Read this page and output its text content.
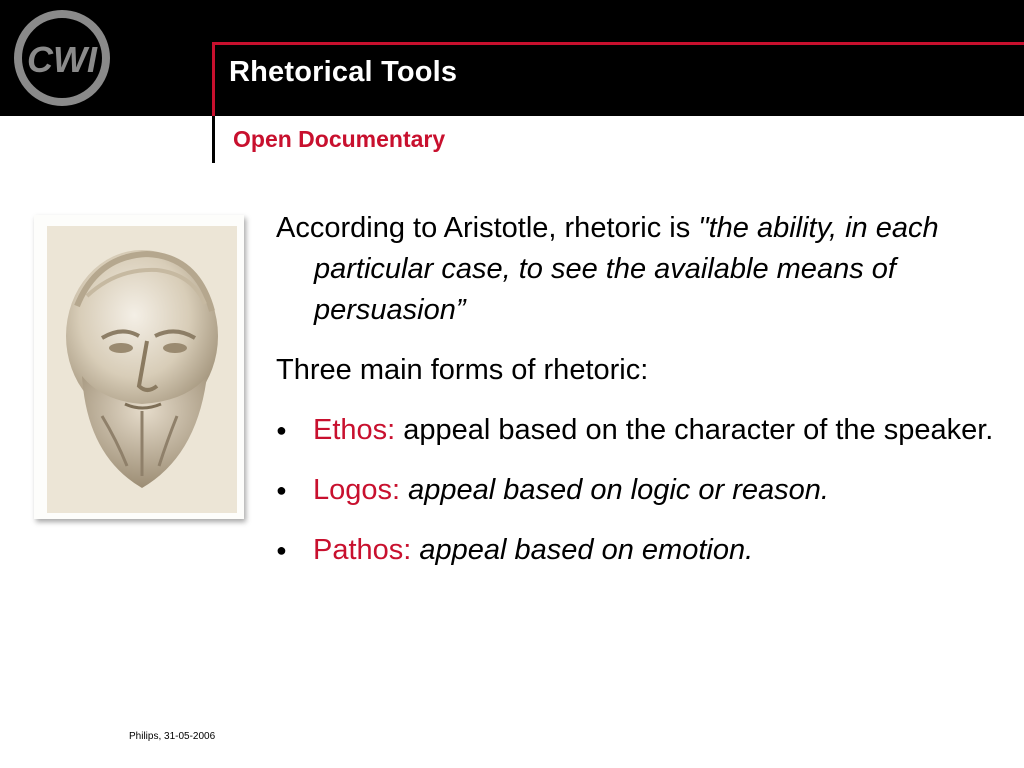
CWI	Rhetorical Tools
Open Documentary

According to Aristotle, rhetoric is "the ability, in each particular case, to see the available means of persuasion”

Three main forms of rhetoric:

● Ethos: appeal based on the character of the speaker.
● Logos: appeal based on logic or reason.
● Pathos: appeal based on emotion.
Philips, 31-05-2006
